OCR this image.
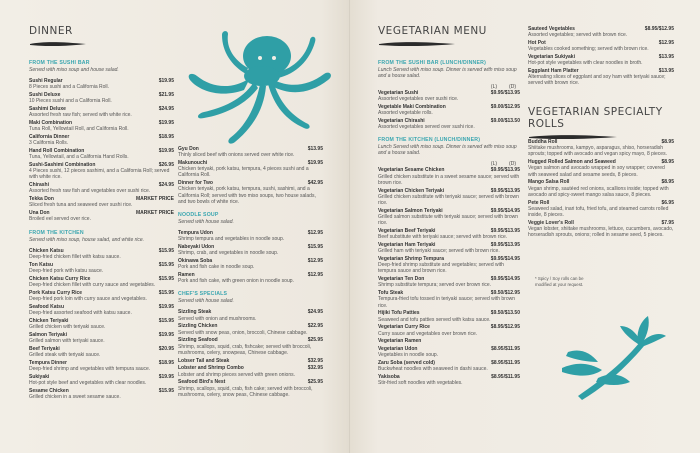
DINNER
FROM THE SUSHI BAR
Served with miso soup and house salad.
Sushi Regular	$19.95
8 Pieces sushi and a California Roll.
Sushi Deluxe	$21.95
10 Pieces sushi and a California Roll.
Sashimi Deluxe	$24.95
Assorted fresh raw fish; served with white rice.
Maki Combination	$19.95
Tuna Roll, Yellowtail Roll, and California Roll.
California Dinner	$18.95
3 California Rolls.
Hand Roll Combination	$19.95
Tuna, Yellowtail, and a California Hand Rolls.
Sushi-Sashimi Combination	$26.95
4 Pieces sushi, 12 pieces sashimi, and a California Roll; served with white rice.
Chirashi	$24.95
Assorted fresh raw fish and vegetables over sushi rice.
Tekka Don	MARKET PRICE
Sliced fresh tuna and seaweed over sushi rice.
Una Don	MARKET PRICE
Broiled eel served over rice.
FROM THE KITCHEN
Served with miso soup, house salad, and white rice.
Chicken Katsu	$15.95
Deep-fried chicken fillet with katsu sauce.
Ton Katsu	$15.95
Deep-fried pork with katsu sauce.
Chicken Katsu Curry Rice	$15.95
Deep-fried chicken fillet with curry sauce and vegetables.
Pork Katsu Curry Rice	$15.95
Deep-fried pork loin with curry sauce and vegetables.
Seafood Katsu	$19.95
Deep-fried assorted seafood with katsu sauce.
Chicken Teriyaki	$15.95
Grilled chicken with teriyaki sauce.
Salmon Teriyaki	$19.95
Grilled salmon with teriyaki sauce.
Beef Teriyaki	$20.95
Grilled steak with teriyaki sauce.
Tempura Dinner	$18.95
Deep-fried shrimp and vegetables with tempura sauce.
Sukiyaki	$19.95
Hot-pot style beef and vegetables with clear noodles.
Sesame Chicken	$15.95
Grilled chicken in a sweet sesame sauce.
Gyu Don	$13.95
Thinly sliced beef with onions served over white rice.
Makunouchi	$19.95
Chicken teriyaki, pork katsu, tempura, 4 pieces sushi and a California Roll.
Dinner for Two	$42.95
Chicken teriyaki, pork katsu, tempura, sushi, sashimi, and a California Roll; served with two miso soups, two house salads, and two bowls of white rice.
NOODLE SOUP
Served with house salad.
Tempura Udon	$12.95
Shrimp tempura and vegetables in noodle soup.
Nabeyaki Udon	$15.95
Shrimp, crab, and vegetables in noodle soup.
Okinawa Soba	$12.95
Pork and fish cake in noodle soup.
Ramen	$12.95
Pork and fish cake, with green onion in noodle soup.
CHEF'S SPECIALS
Served with house salad.
Sizzling Steak	$24.95
Served with onion and mushrooms.
Sizzling Chicken	$22.95
Served with snow peas, onion, broccoli, Chinese cabbage.
Sizzling Seafood	$25.95
Shrimp, scallops, squid, crab, fishcake; served with broccoli, mushrooms, celery, snowpeas, Chinese cabbage.
Lobser Tail and Steak	$32.95
Lobster and Shrimp Combo	$32.95
Lobster and shrimp pieces served with green onions.
Seafood Bird's Nest	$25.95
Shrimp, scallops, squid, crab, fish cake; served with broccoli, mushrooms, celery, snow peas, Chinese cabbage.
VEGETARIAN MENU
FROM THE SUSHI BAR (LUNCH/DINNER)
Lunch Served with miso soup. Dinner is served with miso soup and a house salad.
(L) (D)
Vegetarian Sushi	$9.95/$13.95
Assorted vegetables over sushi rice.
Vegetable Maki Combination	$9.00/$12.95
Assorted vegetable rolls.
Vegetarian Chirashi	$9.00/$13.50
Assorted vegetables served over sushi rice.
FROM THE KITCHEN (LUNCH/DINNER)
Lunch Served with miso soup. Dinner is served with miso soup and a house salad.
(L) (D)
Vegetarian Sesame Chicken	$9.95/$13.95
Grilled chicken substitute in a sweet sesame sauce; served with brown rice.
Vegetarian Chicken Teriyaki	$9.95/$13.95
Grilled chicken substitute with teriyaki sauce; served with brown rice.
Vegetarian Salmon Teriyaki	$9.95/$14.95
Grilled salmon substitute with teriyaki sauce; served with brown rice.
Vegetarian Beef Teriyaki	$9.95/$13.95
Beef substitute with teriyaki sauce; served with brown rice.
Vegetarian Ham Teriyaki	$9.95/$13.95
Grilled ham with teriyaki sauce; served with brown rice.
Vegetarian Shrimp Tempura	$9.95/$14.95
Deep-fried shrimp substitute and vegetables; served with tempura sauce and brown rice.
Vegetarian Ten Don	$9.95/$14.95
Shrimp substitute tempura; served over brown rice.
Tofu Steak	$9.50/$12.95
Tempura-fried tofu tossed in teriyaki sauce; served with brown rice.
Hijiki Tofu Patties	$9.50/$13.50
Seaweed and tofu patties served with katsu sauce.
Vegetarian Curry Rice	$8.95/$12.95
Curry sauce and vegetables over brown rice.
Vegetarian Ramen
Vegetarian Udon	$8.95/$11.95
Vegetables in noodle soup.
Zaru Soba (served cold)	$8.95/$11.95
Buckwheat noodles with seaweed in dashi sauce.
Yakisoba	$8.95/$11.95
Stir-fried soft noodles with vegetables.
Sauteed Vegetables	$8.95/$12.95
Assorted vegetables; served with brown rice.
Hot Pot	$12.95
Vegetables cooked something; served with brown rice.
Vegetarian Sukiyaki	$13.95
Hot-pot style vegetables with clear noodles in broth.
Eggplant Ham Platter	$13.95
Alternating slices of eggplant and soy ham with teriyaki sauce; served with brown rice.
VEGETARIAN SPECIALTY ROLLS
Buddha Roll	$8.95
Shiitake mushrooms, kampyo, asparagus, shiso, horseradish sprouts; topped with avocado and vegan spicy mayo, 8 pieces.
Hugged Rolled Salmon and Seaweed	$8.95
Vegan salmon and avocado wrapped in soy wrapper; covered with seaweed salad and sesame seeds, 8 pieces.
Mango Salsa Roll	$8.95
Vegan shrimp, sautéed red onions, scallions inside; topped with avocado and spicy-sweet mango salsa sauce, 8 pieces.
Pete Roll	$6.95
Seaweed salad, inari tofu, fried tofu, and steamed carrots rolled inside, 8 pieces.
Veggie Lover's Roll	$7.95
Vegan lobster, shiitake mushrooms, lettuce, cucumbers, avocado, horseradish sprouts, onions; rolled in sesame seed, 5 pieces.
* Spicy / Soy rolls can be modified at your request.
